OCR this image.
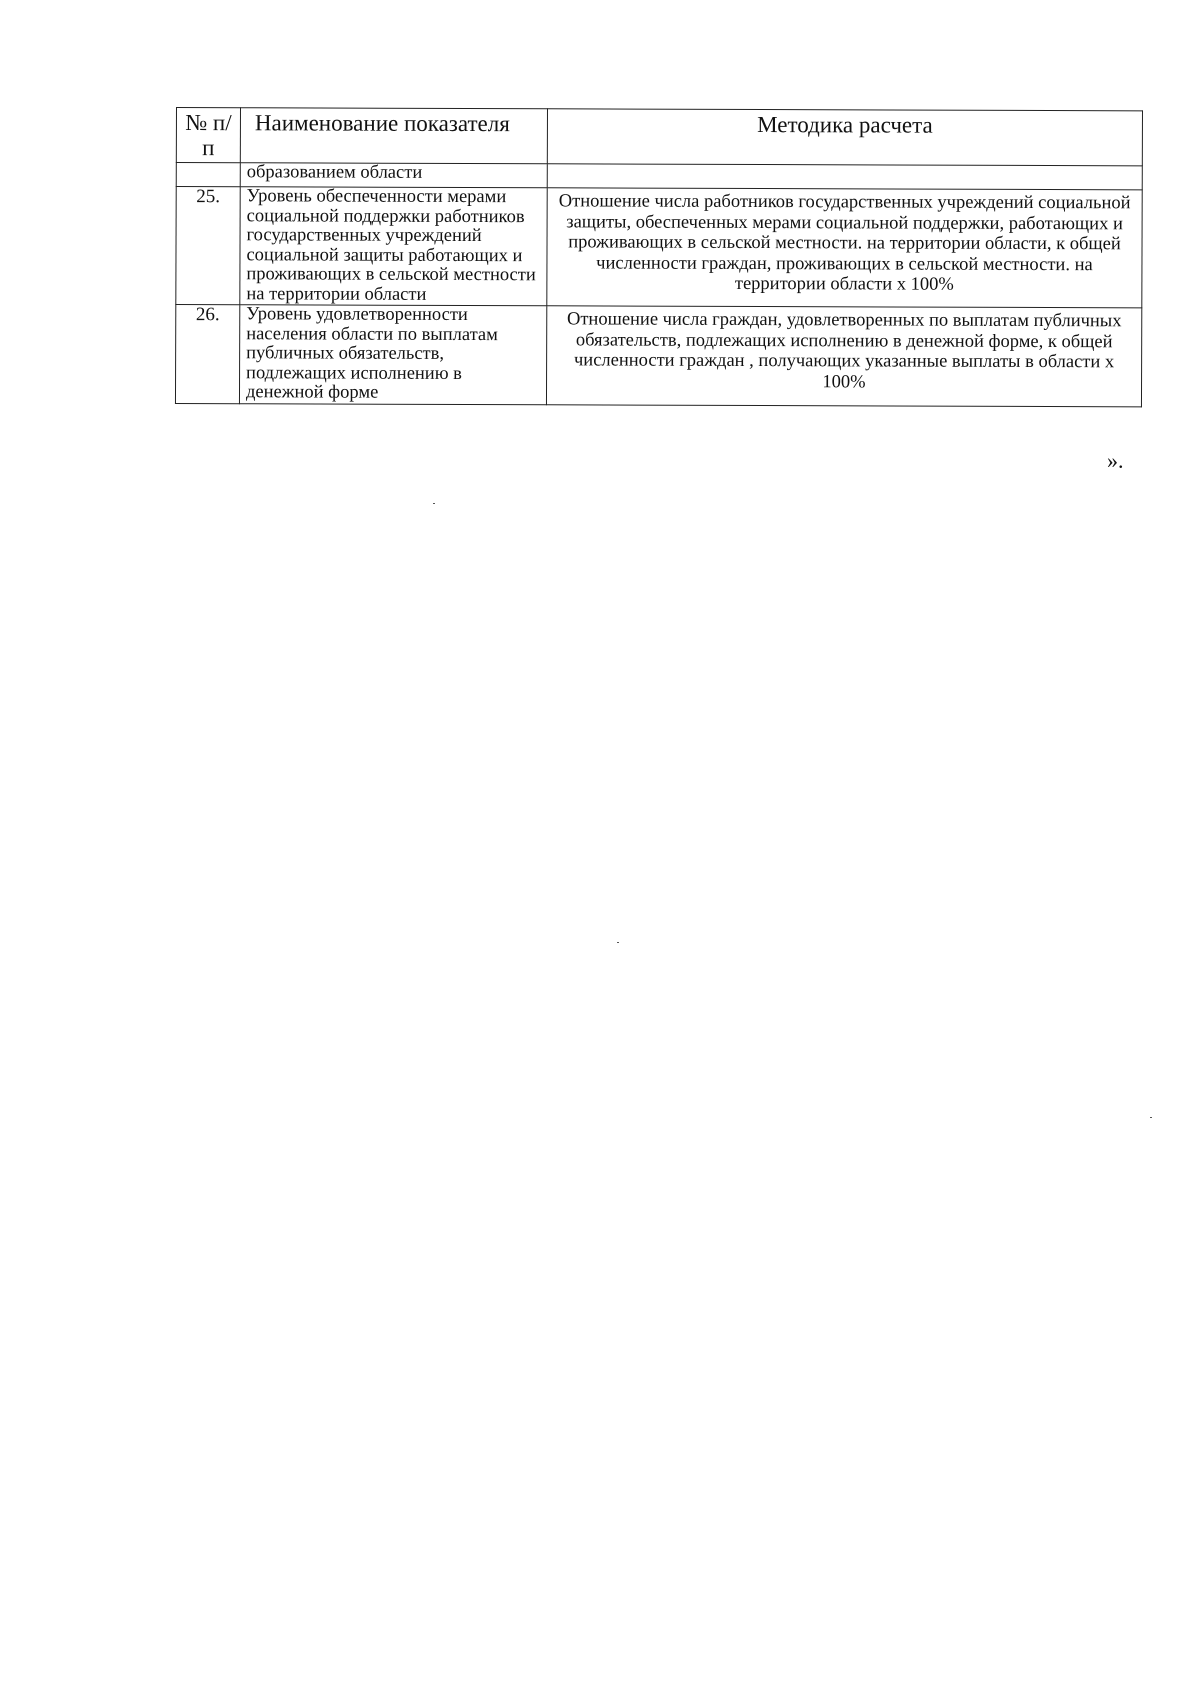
№ п/п	Наименование показателя	Методика расчета
	образованием области	
25.	Уровень обеспеченности мерами социальной поддержки работников государственных учреждений социальной защиты работающих и проживающих в сельской местности на территории области	Отношение числа работников государственных учреждений социальной защиты, обеспеченных мерами социальной поддержки, работающих и проживающих в сельской местности. на территории области, к общей численности граждан, проживающих в сельской местности. на территории области х 100%
26.	Уровень удовлетворенности населения области по выплатам публичных обязательств, подлежащих исполнению в денежной форме	Отношение числа граждан, удовлетворенных по выплатам публичных обязательств, подлежащих исполнению в денежной форме, к общей численности граждан , получающих указанные выплаты в области х 100%
».
